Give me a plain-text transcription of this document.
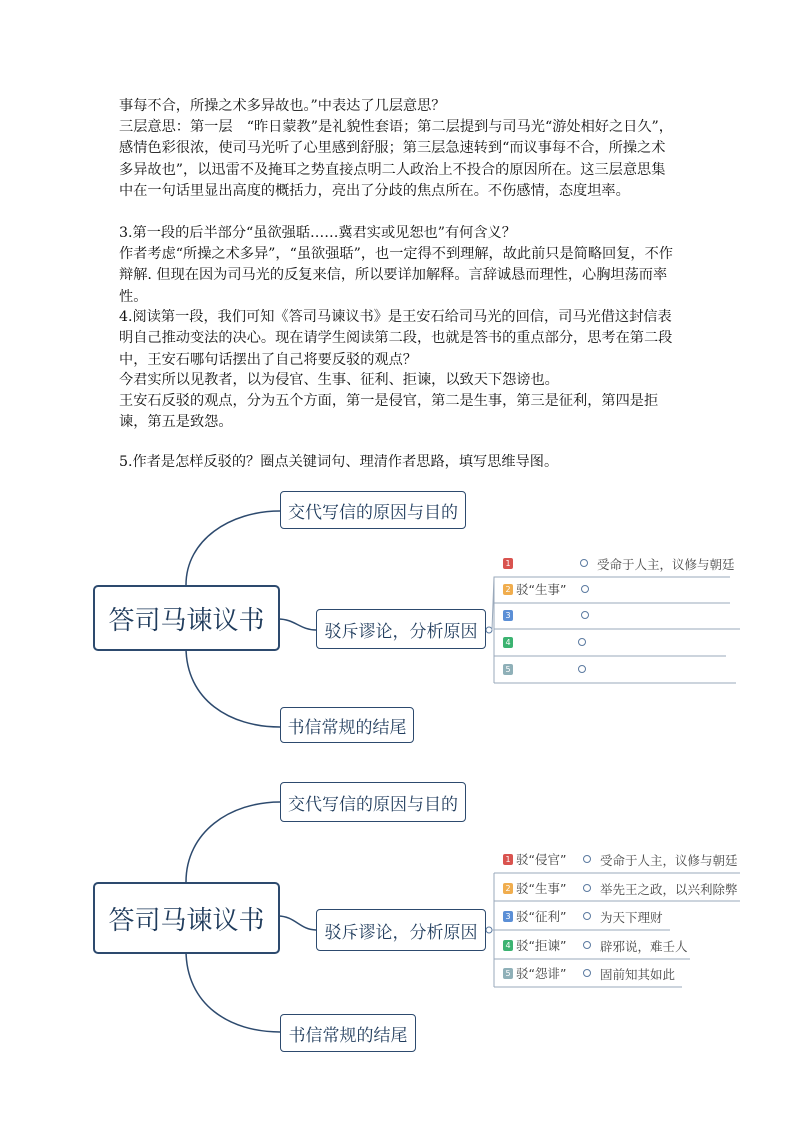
事每不合，所操之术多异故也。”中表达了几层意思？

三层意思：第一层　“昨日蒙教”是礼貌性套语；第二层提到与司马光“游处相好之日久”，感情色彩很浓，使司马光听了心里感到舒服；第三层急速转到“而议事每不合，所操之术多异故也”，以迅雷不及掩耳之势直接点明二人政治上不投合的原因所在。这三层意思集中在一句话里显出高度的概括力，亮出了分歧的焦点所在。不伤感情，态度坦率。

3.第一段的后半部分“虽欲强聒……冀君实或见恕也”有何含义？

作者考虑“所操之术多异”，“虽欲强聒”，也一定得不到理解，故此前只是简略回复，不作辩解. 但现在因为司马光的反复来信，所以要详加解释。言辞诚恳而理性，心胸坦荡而率性。

4.阅读第一段，我们可知《答司马谏议书》是王安石给司马光的回信，司马光借这封信表明自己推动变法的决心。现在请学生阅读第二段，也就是答书的重点部分，思考在第二段中，王安石哪句话摆出了自己将要反驳的观点？

今君实所以见教者，以为侵官、生事、征利、拒谏，以致天下怨谤也。

王安石反驳的观点，分为五个方面，第一是侵官，第二是生事，第三是征利，第四是拒谏，第五是致怨。

5.作者是怎样反驳的？圈点关键词句、理清作者思路，填写思维导图。
答司马谏议书
交代写信的原因与目的
驳斥谬论，分析原因
书信常规的结尾
1	受命于人主，议修与朝廷
2 驳“生事”
3
4
5
答司马谏议书
交代写信的原因与目的
驳斥谬论，分析原因
书信常规的结尾
1 驳“侵官”	受命于人主，议修与朝廷
2 驳“生事”	举先王之政，以兴利除弊
3 驳“征利”	为天下理财
4 驳“拒谏”	辟邪说，难壬人
5 驳“怨诽”	固前知其如此
